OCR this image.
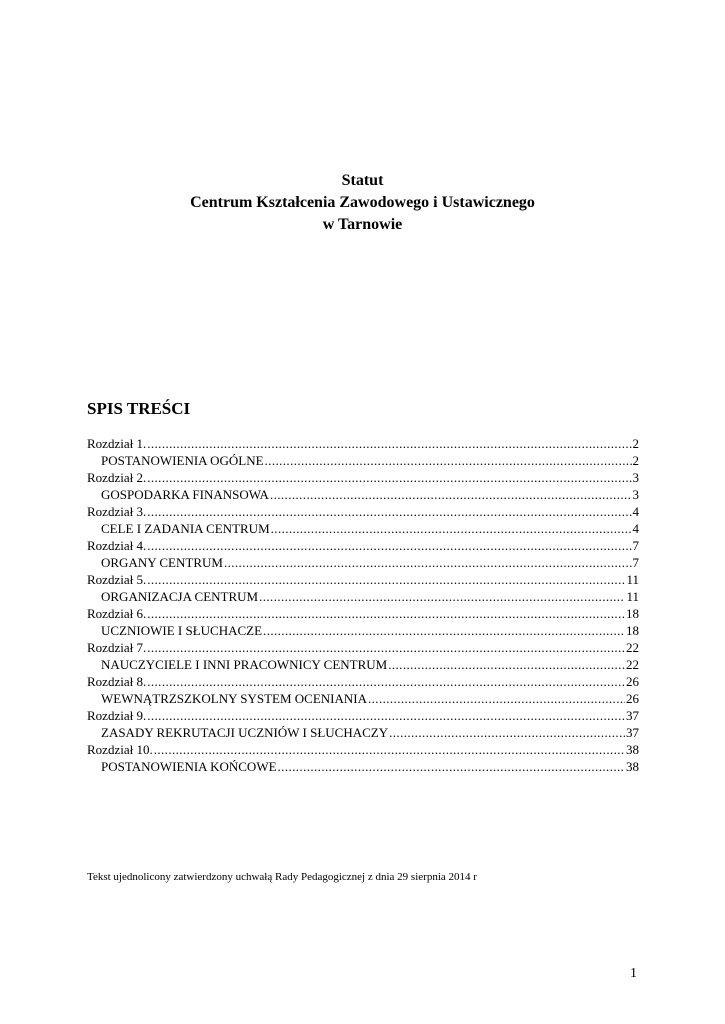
Statut
Centrum Kształcenia Zawodowego i Ustawicznego
w Tarnowie
SPIS TREŚCI
Rozdział 1. .....	2
POSTANOWIENIA OGÓLNE .....	2
Rozdział 2. .....	3
GOSPODARKA FINANSOWA .....	3
Rozdział 3. .....	4
CELE I ZADANIA CENTRUM .....	4
Rozdział 4. .....	7
ORGANY CENTRUM .....	7
Rozdział 5. .....	11
ORGANIZACJA CENTRUM .....	11
Rozdział 6. .....	18
UCZNIOWIE I SŁUCHACZE .....	18
Rozdział 7. .....	22
NAUCZYCIELE I INNI PRACOWNICY CENTRUM .....	22
Rozdział 8. .....	26
WEWNĄTRZSZKOLNY SYSTEM OCENIANIA .....	26
Rozdział 9. .....	37
ZASADY REKRUTACJI UCZNIÓW I SŁUCHACZY .....	37
Rozdział 10. .....	38
POSTANOWIENIA KOŃCOWE .....	38
Tekst ujednolicony zatwierdzony uchwałą Rady Pedagogicznej z dnia 29 sierpnia 2014 r
1
